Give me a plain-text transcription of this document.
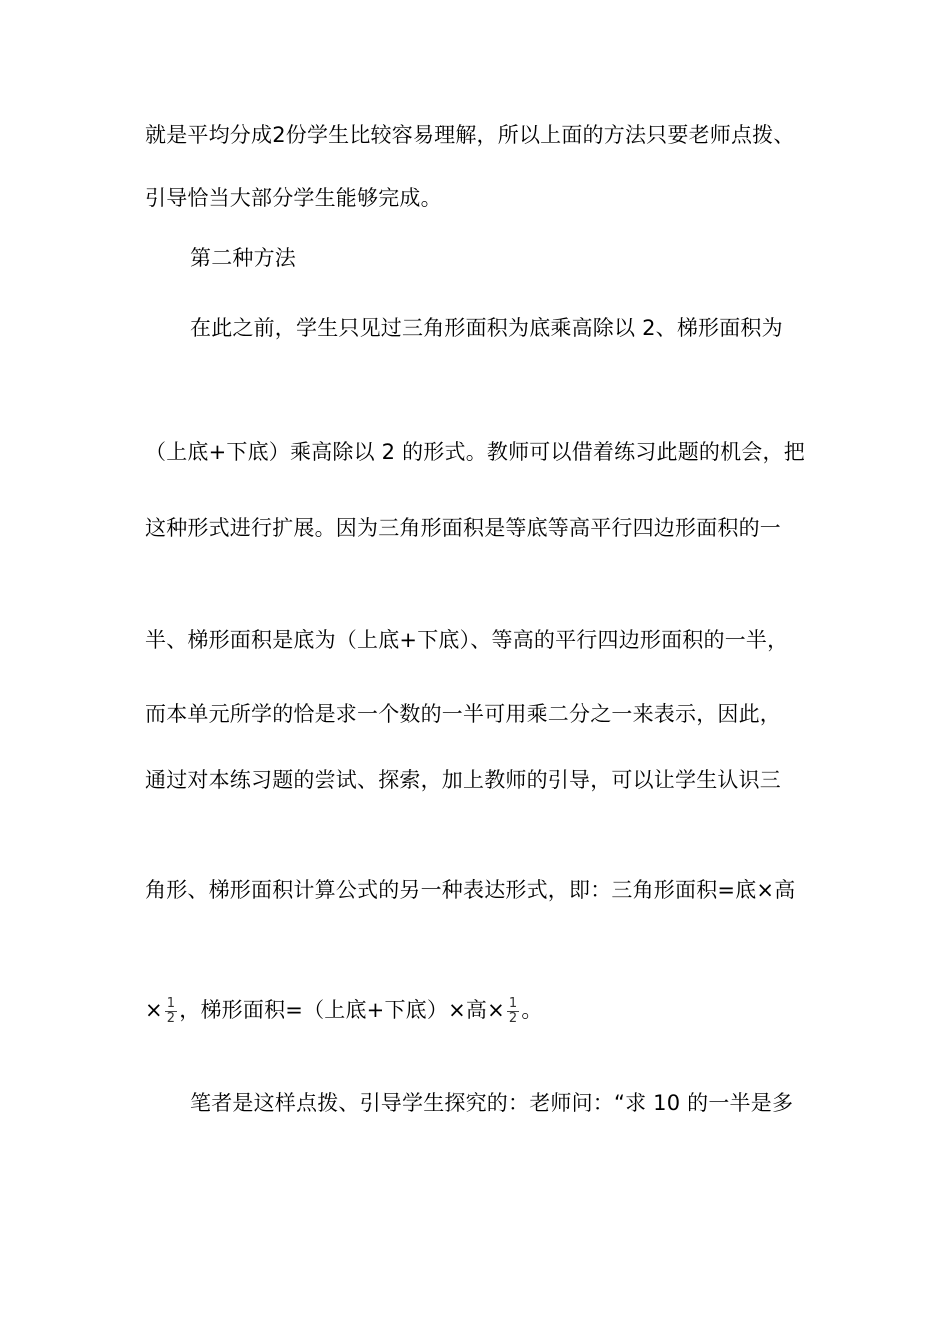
就是平均分成2份学生比较容易理解，所以上面的方法只要老师点拨、

引导恰当大部分学生能够完成。

第二种方法

在此之前，学生只见过三角形面积为底乘高除以 2、梯形面积为

（上底+下底）乘高除以 2 的形式。教师可以借着练习此题的机会，把

这种形式进行扩展。因为三角形面积是等底等高平行四边形面积的一

半、梯形面积是底为（上底+下底）、等高的平行四边形面积的一半，

而本单元所学的恰是求一个数的一半可用乘二分之一来表示，因此，

通过对本练习题的尝试、探索，加上教师的引导，可以让学生认识三

角形、梯形面积计算公式的另一种表达形式，即：三角形面积=底×高

× $\frac{1}{2}$ ，梯形面积=（上底+下底）×高× $\frac{1}{2}$ 。

笔者是这样点拨、引导学生探究的：老师问：“求 10 的一半是多
